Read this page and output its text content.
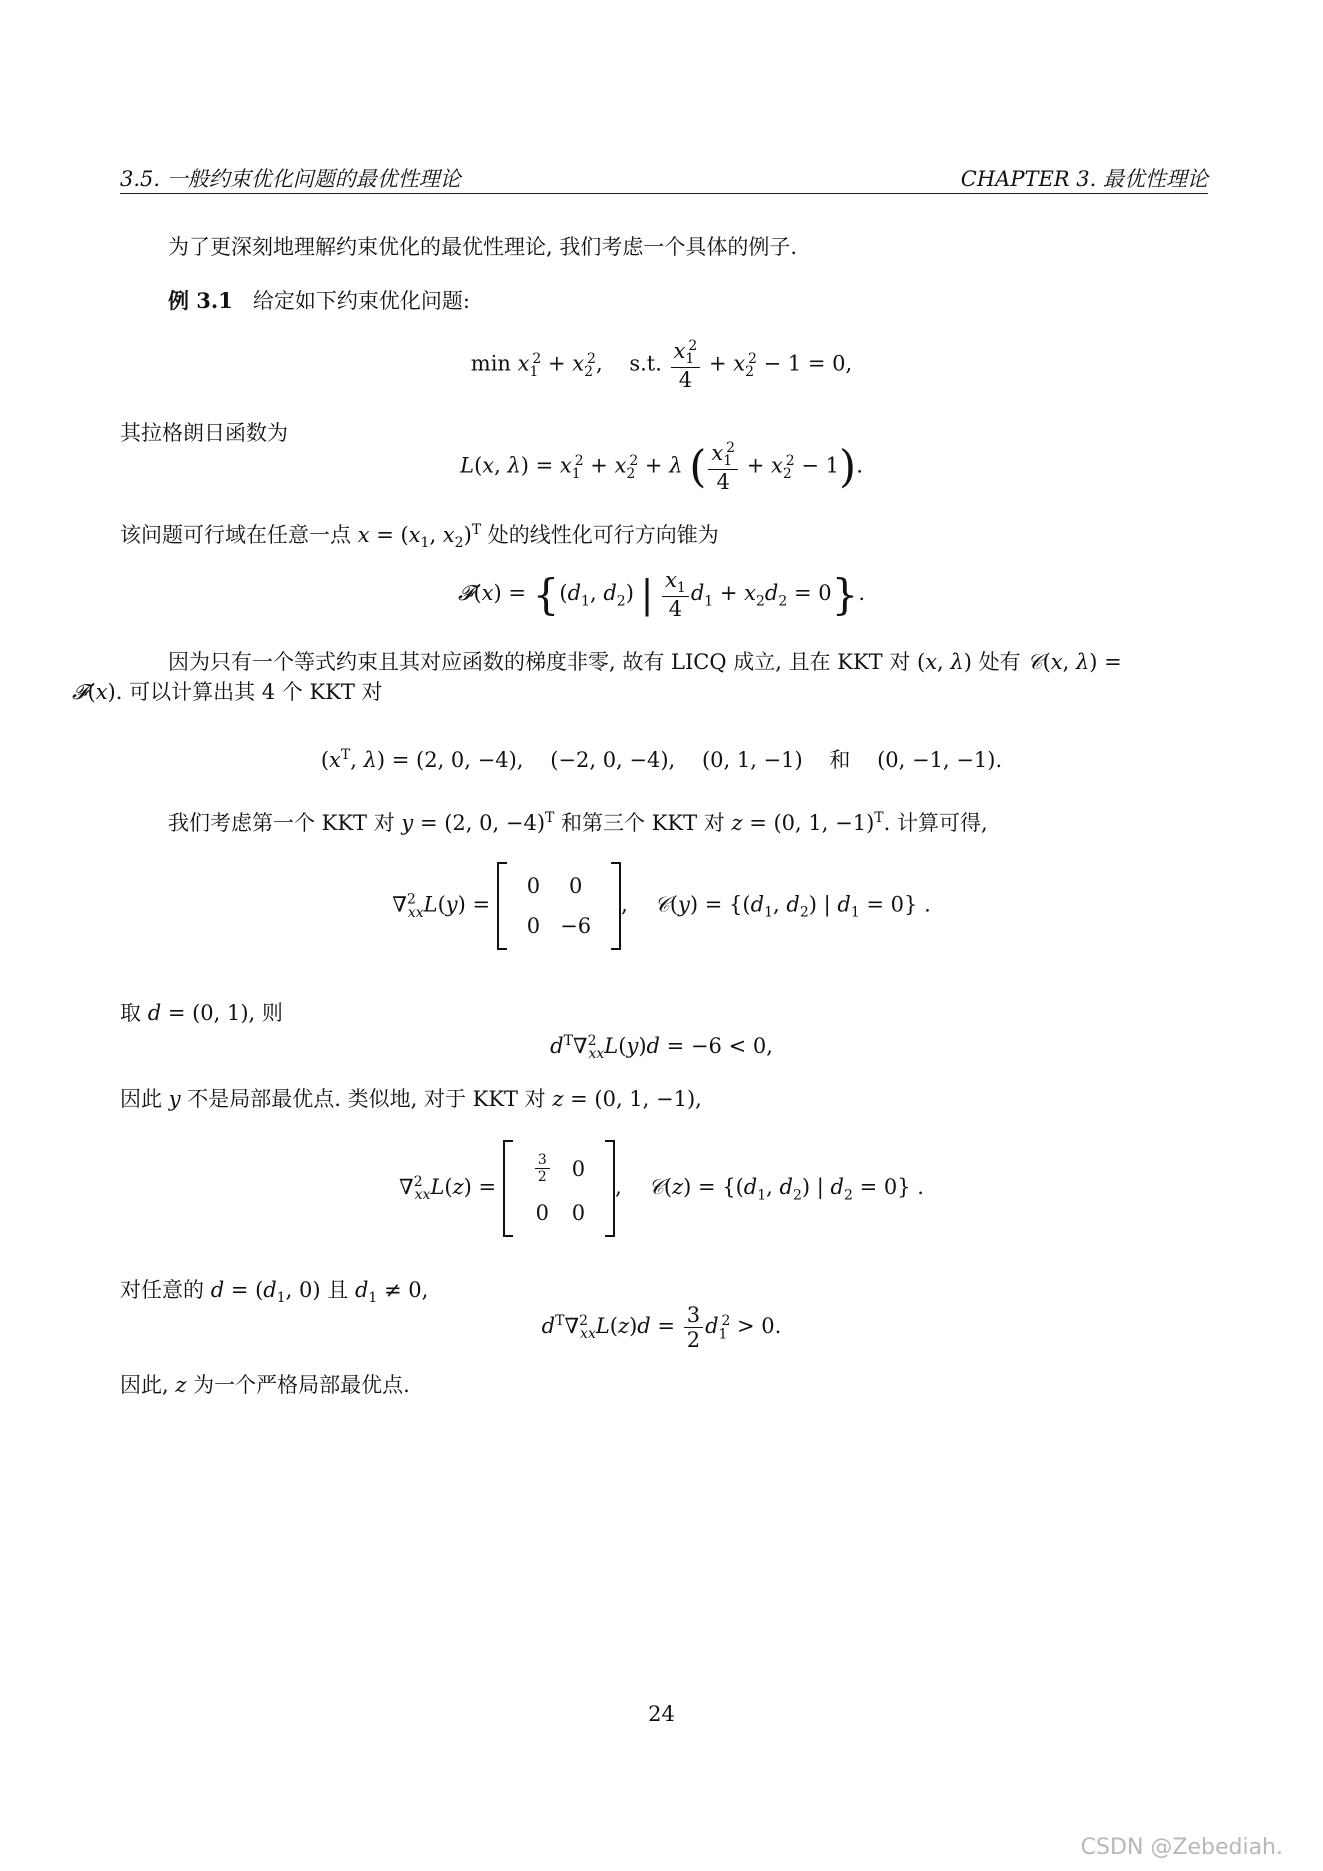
3.5. 一般约束优化问题的最优性理论	CHAPTER 3. 最优性理论
为了更深刻地理解约束优化的最优性理论, 我们考虑一个具体的例子.
例 3.1 给定如下约束优化问题:
$\min x_1^2 + x_2^2$,    s.t. $\frac{x_1^2}{4} + x_2^2 - 1 = 0$,
其拉格朗日函数为
L(x, $\lambda) = x_1^2 + x_2^2 + \lambda$ ( $\frac{x_1^2}{4} + x_2^2 - 1$).
该问题可行域在任意一点 $x = (x_1$, $x_2)^T$ 处的线性化可行方向锥为
𝓕(x) = {($d_1$, $d_2$) | $\frac{x_1}{4} d_1 + x_2d_2 = 0$}.
因为只有一个等式约束且其对应函数的梯度非零, 故有 LICQ 成立, 且在 KKT 对 (x, λ) 处有 𝒞(x, λ) =
𝓕(x). 可以计算出其 4 个 KKT 对
($x^T$, λ) = (2, 0, −4), (−2, 0, −4), (0, 1, −1) 和 (0, −1, −1).
我们考虑第一个 KKT 对 y = (2, 0, −4)$^T$ 和第三个 KKT 对 z = (0, 1, −1)$^T$. 计算可得,
∇$^2_{xx}$L(y) =
0	0
0	−6
,    𝒞(y) = {($d_1$, $d_2$) | $d_1 = 0$} .
取 d = (0, 1), 则
$d^T\nabla^2_{xx}L(y)d = -6 < 0$,
因此 y 不是局部最优点. 类似地, 对于 KKT 对 z = (0, 1, −1),
∇$^2_{xx}$L(z) =
$\frac{3}{2}$	0
0	0
,    𝒞(z) = {($d_1$, $d_2$) | $d_2 = 0$} .
对任意的 $d = (d_1$, 0) 且 $d_1 \ne 0$,
$d^T\nabla^2_{xx}L(z)d = \frac{3}{2} d_1^2 > 0$.
因此, z 为一个严格局部最优点.
24
CSDN @Zebediah.
